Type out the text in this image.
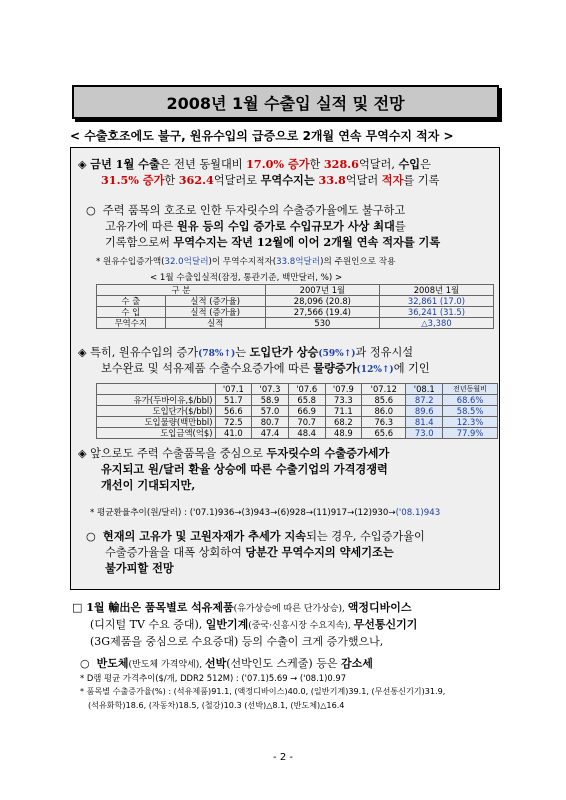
2008년 1월 수출입 실적 및 전망
< 수출호조에도 불구, 원유수입의 급증으로 2개월 연속 무역수지 적자 >
◈ 금년 1월 수출은 전년 동월대비 17.0% 증가한 328.6억달러, 수입은
31.5% 증가한 362.4억달러로 무역수지는 33.8억달러 적자를 기록
○ 주력 품목의 호조로 인한 두자릿수의 수출증가율에도 불구하고
고유가에 따른 원유 등의 수입 증가로 수입규모가 사상 최대를
기록함으로써 무역수지는 작년 12월에 이어 2개월 연속 적자를 기록
* 원유수입증가액(32.0억달러)이 무역수지적자(33.8억달러)의 주원인으로 작용
< 1월 수출입실적(잠정, 통관기준, 백만달러, %) >
구 분		2007년 1월	2008년 1월
수 출	실적 (증가율)	28,096 (20.8)	32,861 (17.0)
수 입	실적 (증가율)	27,566 (19.4)	36,241 (31.5)
무역수지	실적	530	△3,380
◈ 특히, 원유수입의 증가(78%↑)는 도입단가 상승(59%↑)과 정유시설
보수완료 및 석유제품 수출수요증가에 따른 물량증가(12%↑)에 기인
	'07.1	'07.3	'07.6	'07.9	'07.12	'08.1	전년동월비
유가(두바이유,$/bbl)	51.7	58.9	65.8	73.3	85.6	87.2	68.6%
도입단가($/bbl)	56.6	57.0	66.9	71.1	86.0	89.6	58.5%
도입물량(백만bbl)	72.5	80.7	70.7	68.2	76.3	81.4	12.3%
도입금액(억$)	41.0	47.4	48.4	48.9	65.6	73.0	77.9%
◈ 앞으로도 주력 수출품목을 중심으로 두자릿수의 수출증가세가
유지되고 원/달러 환율 상승에 따른 수출기업의 가격경쟁력
개선이 기대되지만,
* 평균환율추이(원/달러) : ('07.1)936→(3)943→(6)928→(11)917→(12)930→('08.1)943
○ 현재의 고유가 및 고원자재가 추세가 지속되는 경우, 수입증가율이
수출증가율을 대폭 상회하여 당분간 무역수지의 약세기조는
불가피할 전망
□ 1월 輸出은 품목별로 석유제품(유가상승에 따른 단가상승), 액정디바이스
(디지털 TV 수요 증대), 일반기계(중국·신흥시장 수요지속), 무선통신기기
(3G제품을 중심으로 수요증대) 등의 수출이 크게 증가했으나,
○ 반도체(반도체 가격약세), 선박(선박인도 스케줄) 등은 감소세
* D램 평균 가격추이($/개, DDR2 512M) : ('07.1)5.69 → ('08.1)0.97
* 품목별 수출증가율(%) : (석유제품)91.1, (액정디바이스)40.0, (일반기계)39.1, (무선통신기기)31.9,
(석유화학)18.6, (자동차)18.5, (철강)10.3 (선박)△8.1, (반도체)△16.4
- 2 -
